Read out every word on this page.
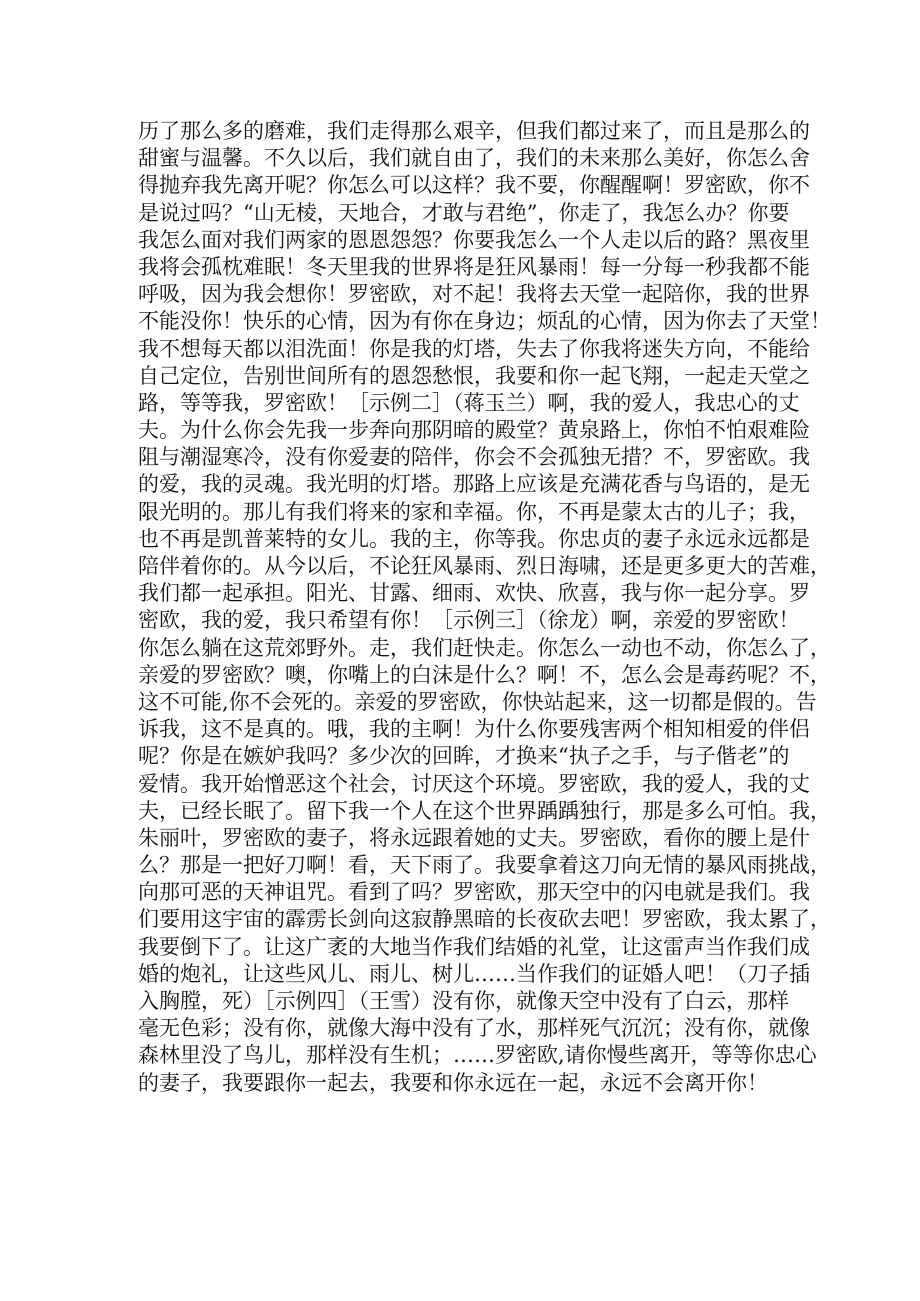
历了那么多的磨难，我们走得那么艰辛，但我们都过来了，而且是那么的
甜蜜与温馨。不久以后，我们就自由了，我们的未来那么美好，你怎么舍
得抛弃我先离开呢？你怎么可以这样？我不要，你醒醒啊！罗密欧，你不
是说过吗？“山无棱，天地合，才敢与君绝”，你走了，我怎么办？你要
我怎么面对我们两家的恩恩怨怨？你要我怎么一个人走以后的路？黑夜里
我将会孤枕难眠！冬天里我的世界将是狂风暴雨！每一分每一秒我都不能
呼吸，因为我会想你！罗密欧，对不起！我将去天堂一起陪你，我的世界
不能没你！快乐的心情，因为有你在身边；烦乱的心情，因为你去了天堂！
我不想每天都以泪洗面！你是我的灯塔，失去了你我将迷失方向，不能给
自己定位，告别世间所有的恩怨愁恨，我要和你一起飞翔，一起走天堂之
路，等等我，罗密欧！［示例二］（蒋玉兰）啊，我的爱人，我忠心的丈
夫。为什么你会先我一步奔向那阴暗的殿堂？黄泉路上，你怕不怕艰难险
阻与潮湿寒冷，没有你爱妻的陪伴，你会不会孤独无措？不，罗密欧。我
的爱，我的灵魂。我光明的灯塔。那路上应该是充满花香与鸟语的，是无
限光明的。那儿有我们将来的家和幸福。你，不再是蒙太古的儿子；我，
也不再是凯普莱特的女儿。我的主，你等我。你忠贞的妻子永远永远都是
陪伴着你的。从今以后，不论狂风暴雨、烈日海啸，还是更多更大的苦难，
我们都一起承担。阳光、甘露、细雨、欢快、欣喜，我与你一起分享。罗
密欧，我的爱，我只希望有你！［示例三］（徐龙）啊，亲爱的罗密欧！
你怎么躺在这荒郊野外。走，我们赶快走。你怎么一动也不动，你怎么了，
亲爱的罗密欧？噢，你嘴上的白沫是什么？啊！不，怎么会是毒药呢？不，
这不可能,你不会死的。亲爱的罗密欧，你快站起来，这一切都是假的。告
诉我，这不是真的。哦，我的主啊！为什么你要残害两个相知相爱的伴侣
呢？你是在嫉妒我吗？多少次的回眸，才换来“执子之手，与子偕老”的
爱情。我开始憎恶这个社会，讨厌这个环境。罗密欧，我的爱人，我的丈
夫，已经长眠了。留下我一个人在这个世界踽踽独行，那是多么可怕。我，
朱丽叶，罗密欧的妻子，将永远跟着她的丈夫。罗密欧，看你的腰上是什
么？那是一把好刀啊！看，天下雨了。我要拿着这刀向无情的暴风雨挑战，
向那可恶的天神诅咒。看到了吗？罗密欧，那天空中的闪电就是我们。我
们要用这宇宙的霹雳长剑向这寂静黑暗的长夜砍去吧！罗密欧，我太累了，
我要倒下了。让这广袤的大地当作我们结婚的礼堂，让这雷声当作我们成
婚的炮礼，让这些风儿、雨儿、树儿……当作我们的证婚人吧！（刀子插
入胸膛，死）［示例四］（王雪）没有你，就像天空中没有了白云，那样
毫无色彩；没有你，就像大海中没有了水，那样死气沉沉；没有你，就像
森林里没了鸟儿，那样没有生机；……罗密欧,请你慢些离开，等等你忠心
的妻子，我要跟你一起去，我要和你永远在一起，永远不会离开你！
